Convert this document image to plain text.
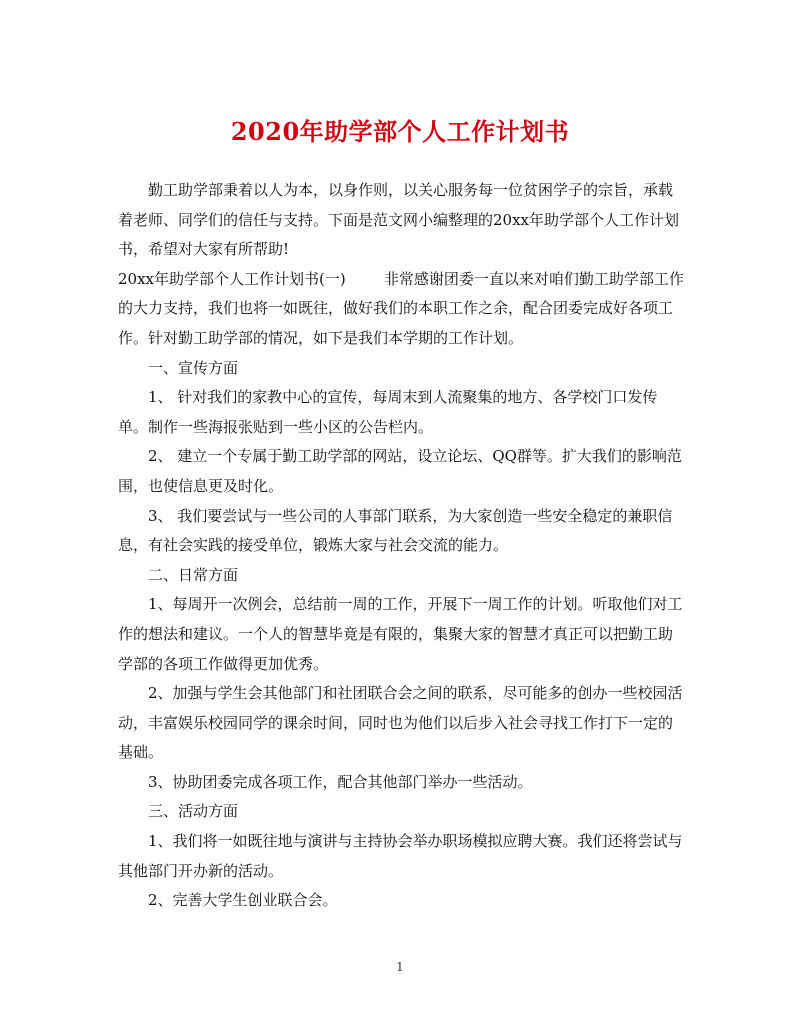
2020年助学部个人工作计划书

勤工助学部秉着以人为本，以身作则，以关心服务每一位贫困学子的宗旨，承载着老师、同学们的信任与支持。下面是范文网小编整理的20xx年助学部个人工作计划书，希望对大家有所帮助!

20xx年助学部个人工作计划书(一)        非常感谢团委一直以来对咱们勤工助学部工作的大力支持，我们也将一如既往，做好我们的本职工作之余，配合团委完成好各项工作。针对勤工助学部的情况，如下是我们本学期的工作计划。

一、宣传方面

1、 针对我们的家教中心的宣传，每周末到人流聚集的地方、各学校门口发传单。制作一些海报张贴到一些小区的公告栏内。

2、 建立一个专属于勤工助学部的网站，设立论坛、QQ群等。扩大我们的影响范围，也使信息更及时化。

3、 我们要尝试与一些公司的人事部门联系，为大家创造一些安全稳定的兼职信息，有社会实践的接受单位，锻炼大家与社会交流的能力。

二、日常方面

1、每周开一次例会，总结前一周的工作，开展下一周工作的计划。听取他们对工作的想法和建议。一个人的智慧毕竟是有限的，集聚大家的智慧才真正可以把勤工助学部的各项工作做得更加优秀。

2、加强与学生会其他部门和社团联合会之间的联系，尽可能多的创办一些校园活动，丰富娱乐校园同学的课余时间，同时也为他们以后步入社会寻找工作打下一定的基础。

3、协助团委完成各项工作，配合其他部门举办一些活动。

三、活动方面

1、我们将一如既往地与演讲与主持协会举办职场模拟应聘大赛。我们还将尝试与其他部门开办新的活动。

2、完善大学生创业联合会。

1
